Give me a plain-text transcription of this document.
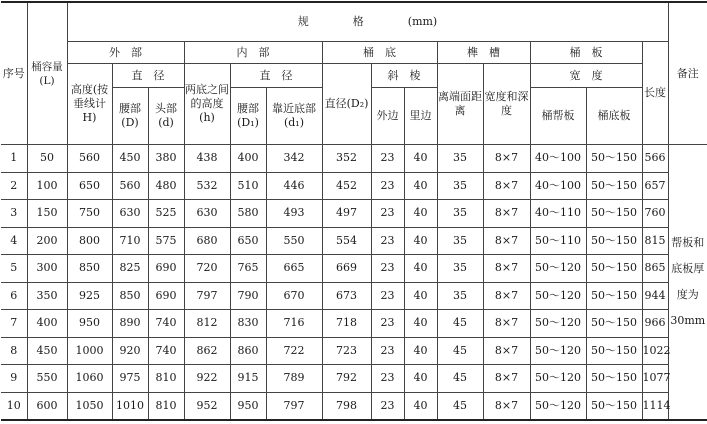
序号	桶容量(L)	规　　　　格　　　　(mm)														备注
		外　部			内　部			桶　底			榫　槽		桶　板		长度	
		高度(按垂线计H)	直　径		两底之间的高度(h)	直　径		直径(D₂)	斜　棱		离端面距离	宽度和深度	宽　度			
			腰部(D)	头部(d)		腰部(D₁)	靠近底部(d₁)		外边	里边			桶帮板	桶底板		
1	50	560	450	380	438	400	342	352	23	40	35	8×7	40～100	50～150	566	帮板和底板厚度为30mm
2	100	650	560	480	532	510	446	452	23	40	35	8×7	40～100	50～150	657	
3	150	750	630	525	630	580	493	497	23	40	35	8×7	40～110	50～150	760	
4	200	800	710	575	680	650	550	554	23	40	35	8×7	50～110	50～150	815	
5	300	850	825	690	720	765	665	669	23	40	35	8×7	50～120	50～150	865	
6	350	925	850	690	797	790	670	673	23	40	35	8×7	50～120	50～150	944	
7	400	950	890	740	812	830	716	718	23	40	45	8×7	50～120	50～150	966	
8	450	1000	920	740	862	860	722	723	23	40	45	8×7	50～120	50～150	1022	
9	550	1060	975	810	922	915	789	792	23	40	45	8×7	50～120	50～150	1077	
10	600	1050	1010	810	952	950	797	798	23	40	45	8×7	50～120	50～150	1114	
